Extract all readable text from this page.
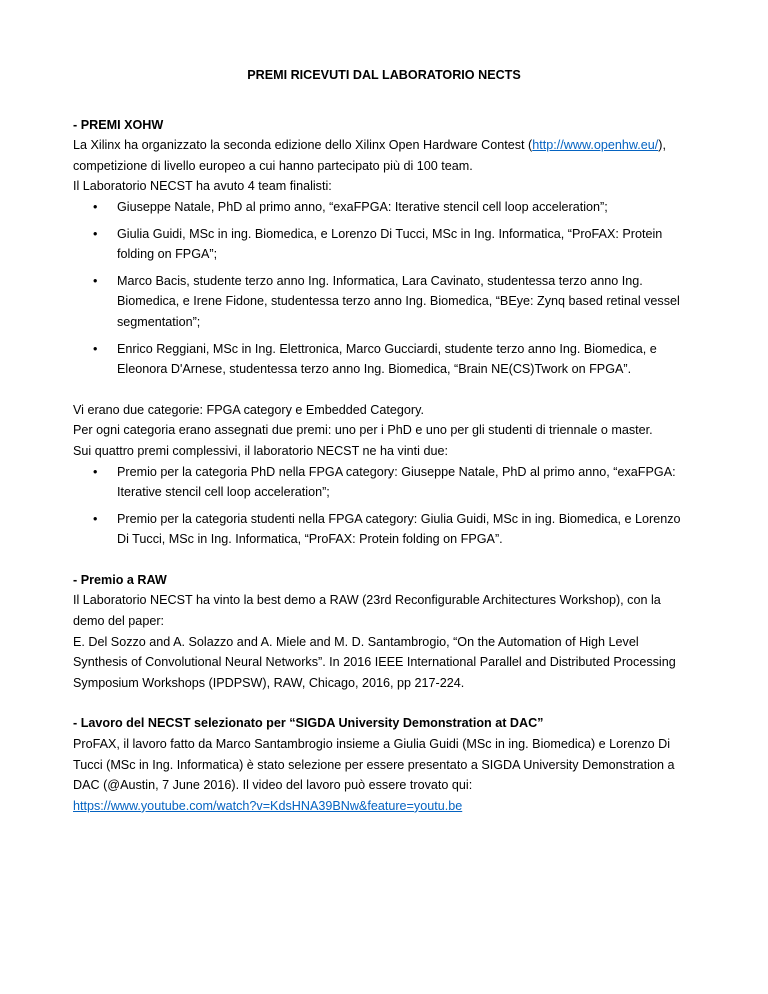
PREMI RICEVUTI DAL LABORATORIO NECTS

- PREMI XOHW

La Xilinx ha organizzato la seconda edizione dello Xilinx Open Hardware Contest (http://www.openhw.eu/), competizione di livello europeo a cui hanno partecipato più di 100 team.

Il Laboratorio NECST ha avuto 4 team finalisti:

• Giuseppe Natale, PhD al primo anno, “exaFPGA: Iterative stencil cell loop acceleration”;
• Giulia Guidi, MSc in ing. Biomedica, e Lorenzo Di Tucci, MSc in Ing. Informatica, “ProFAX: Protein folding on FPGA”;
• Marco Bacis, studente terzo anno Ing. Informatica, Lara Cavinato, studentessa terzo anno Ing. Biomedica, e Irene Fidone, studentessa terzo anno Ing. Biomedica, “BEye: Zynq based retinal vessel segmentation”;
• Enrico Reggiani, MSc in Ing. Elettronica, Marco Gucciardi, studente terzo anno Ing. Biomedica, e Eleonora D'Arnese, studentessa terzo anno Ing. Biomedica, “Brain NE(CS)Twork on FPGA”.

Vi erano due categorie: FPGA category e Embedded Category.

Per ogni categoria erano assegnati due premi: uno per i PhD e uno per gli studenti di triennale o master.

Sui quattro premi complessivi, il laboratorio NECST ne ha vinti due:

• Premio per la categoria PhD nella FPGA category: Giuseppe Natale, PhD al primo anno, “exaFPGA: Iterative stencil cell loop acceleration”;
• Premio per la categoria studenti nella FPGA category: Giulia Guidi, MSc in ing. Biomedica, e Lorenzo Di Tucci, MSc in Ing. Informatica, “ProFAX: Protein folding on FPGA”.

- Premio a RAW

Il Laboratorio NECST ha vinto la best demo a RAW (23rd Reconfigurable Architectures Workshop), con la demo del paper:

E. Del Sozzo and A. Solazzo and A. Miele and M. D. Santambrogio, “On the Automation of High Level Synthesis of Convolutional Neural Networks”. In 2016 IEEE International Parallel and Distributed Processing Symposium Workshops (IPDPSW), RAW, Chicago, 2016, pp 217-224.

- Lavoro del NECST selezionato per “SIGDA University Demonstration at DAC”

ProFAX, il lavoro fatto da Marco Santambrogio insieme a Giulia Guidi (MSc in ing. Biomedica) e Lorenzo Di Tucci (MSc in Ing. Informatica) è stato selezione per essere presentato a SIGDA University Demonstration a DAC (@Austin, 7 June 2016). Il video del lavoro può essere trovato qui:

https://www.youtube.com/watch?v=KdsHNA39BNw&feature=youtu.be
